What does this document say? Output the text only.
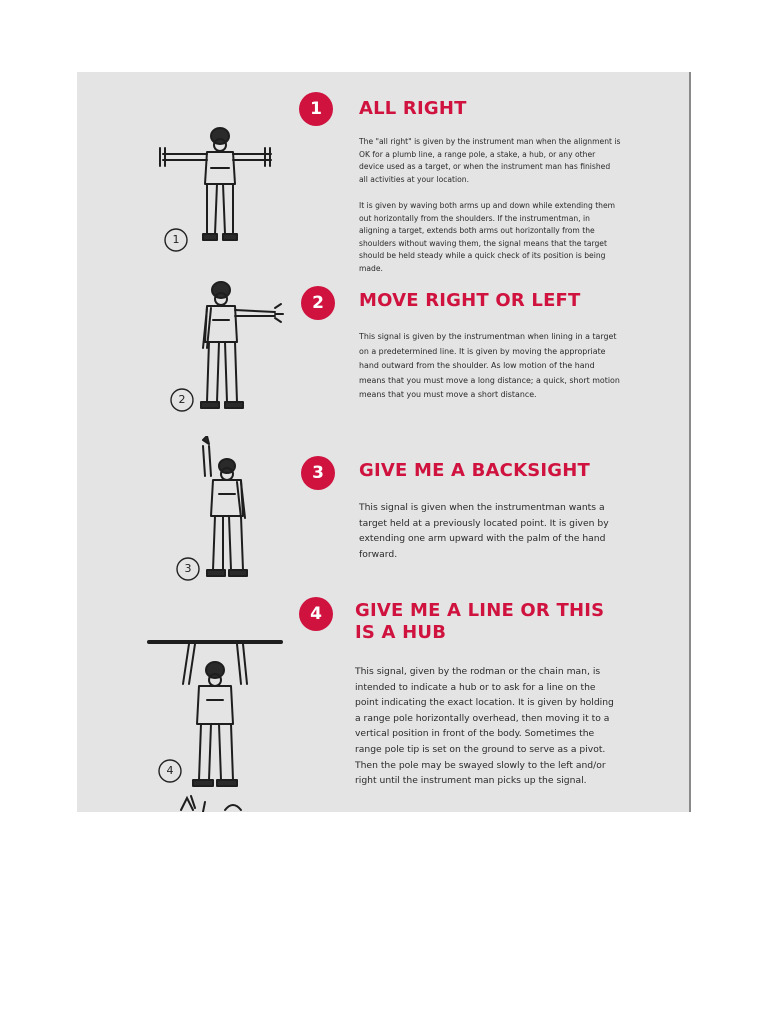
1
1	ALL RIGHT

The "all right" is given by the instrument man when the alignment is OK for a plumb line, a range pole, a stake, a hub, or any other device used as a target, or when the instrument man has finished all activities at your location.

It is given by waving both arms up and down while extending them out horizontally from the shoulders. If the instrumentman, in aligning a target, extends both arms out horizontally from the shoulders without waving them, the signal means that the target should be held steady while a quick check of its position is being made.

2
2	MOVE RIGHT OR LEFT

This signal is given by the instrumentman when lining in a target on a predetermined line. It is given by moving the appropriate hand outward from the shoulder. As low motion of the hand means that you must move a long distance; a quick, short motion means that you must move a short distance.

3
3	GIVE ME A BACKSIGHT

This signal is given when the instrumentman wants a target held at a previously located point. It is given by extending one arm upward with the palm of the hand forward.

4
4	GIVE ME A LINE OR THIS IS A HUB

This signal, given by the rodman or the chain man, is intended to indicate a hub or to ask for a line on the point indicating the exact location. It is given by holding a range pole horizontally overhead, then moving it to a vertical position in front of the body. Sometimes the range pole tip is set on the ground to serve as a pivot. Then the pole may be swayed slowly to the left and/or right until the instrument man picks up the signal.
